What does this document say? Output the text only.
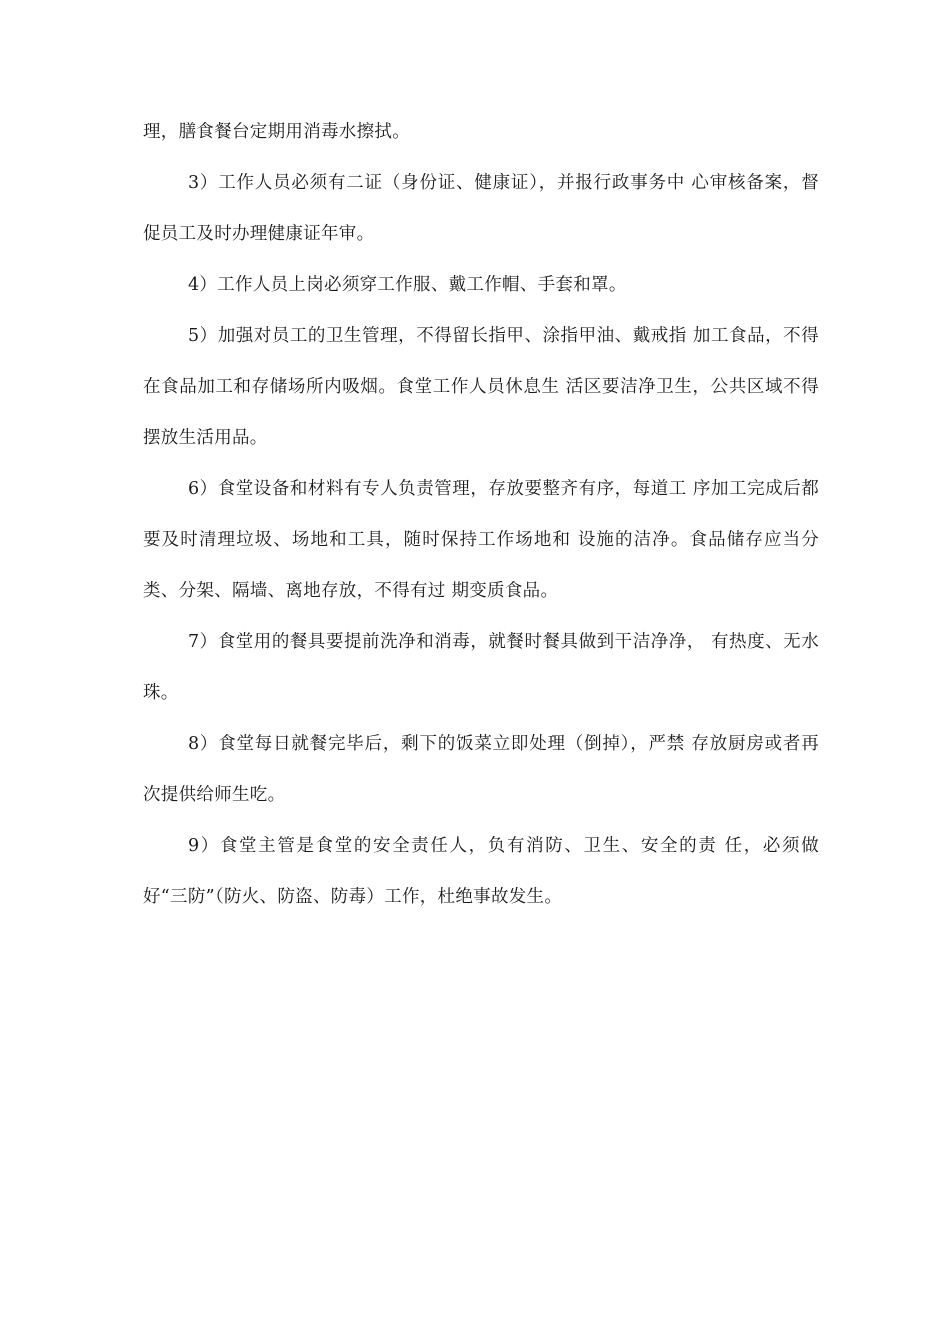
理，膳食餐台定期用消毒水擦拭。

3）工作人员必须有二证（身份证、健康证），并报行政事务中 心审核备案，督促员工及时办理健康证年审。

4）工作人员上岗必须穿工作服、戴工作帽、手套和罩。

5）加强对员工的卫生管理，不得留长指甲、涂指甲油、戴戒指 加工食品，不得在食品加工和存储场所内吸烟。食堂工作人员休息生 活区要洁净卫生，公共区域不得摆放生活用品。

6）食堂设备和材料有专人负责管理，存放要整齐有序，每道工 序加工完成后都要及时清理垃圾、场地和工具，随时保持工作场地和 设施的洁净。食品储存应当分类、分架、隔墙、离地存放，不得有过 期变质食品。

7）食堂用的餐具要提前洗净和消毒，就餐时餐具做到干洁净净， 有热度、无水珠。

8）食堂每日就餐完毕后，剩下的饭菜立即处理（倒掉），严禁 存放厨房或者再次提供给师生吃。

9）食堂主管是食堂的安全责任人，负有消防、卫生、安全的责 任，必须做好“三防”（防火、防盗、防毒）工作，杜绝事故发生。
